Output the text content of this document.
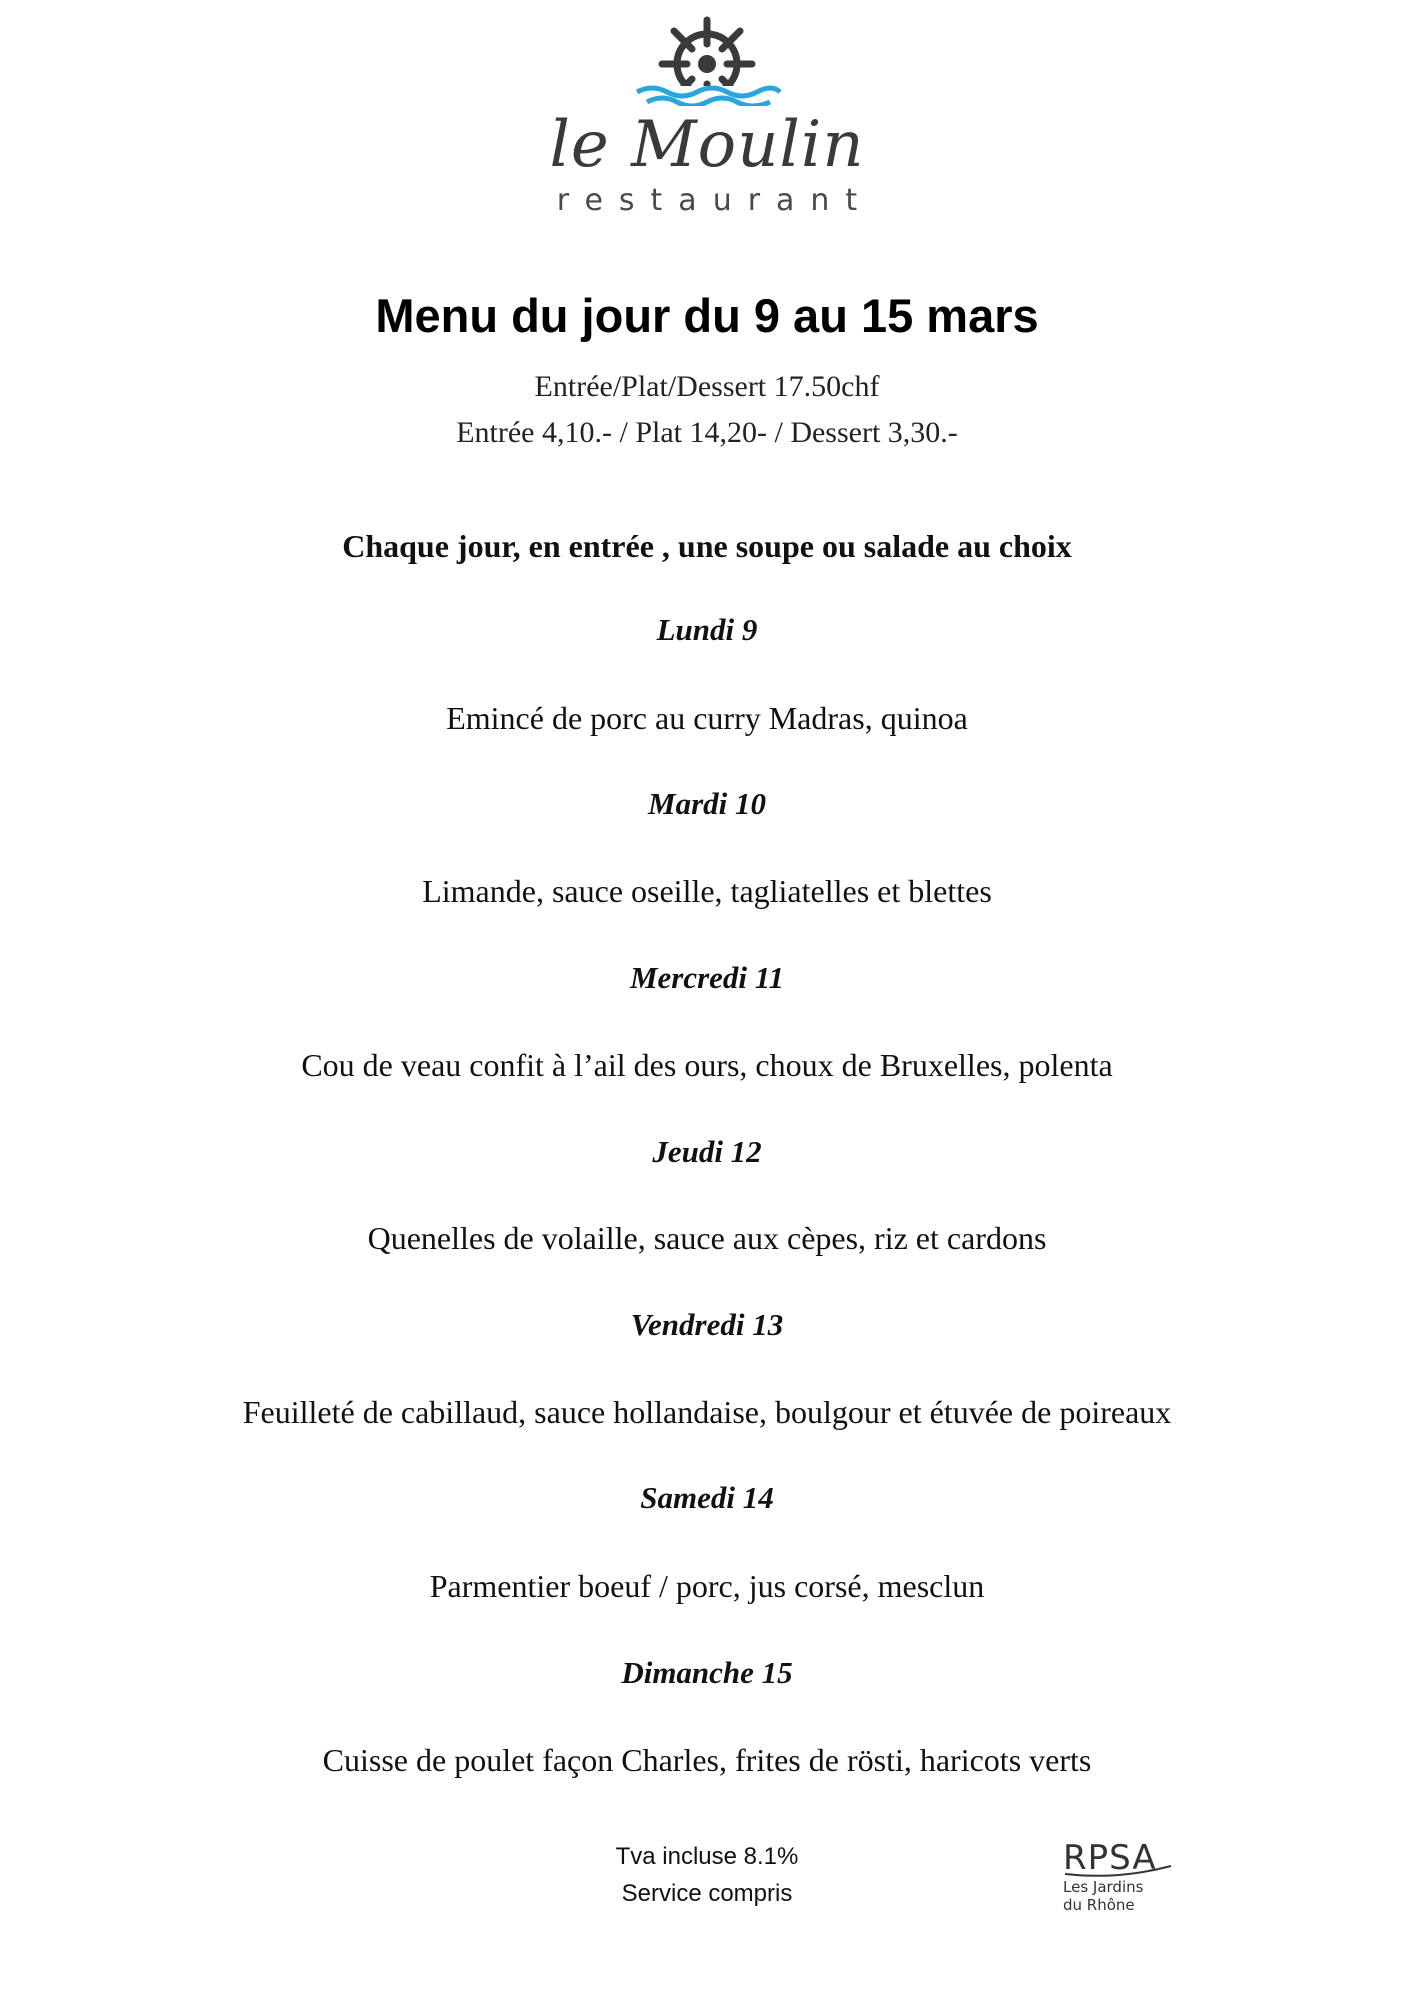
le Moulin
restaurant
Menu du jour du 9 au 15 mars
Entrée/Plat/Dessert 17.50chf
Entrée 4,10.- / Plat 14,20- / Dessert 3,30.-
Chaque jour, en entrée , une soupe ou salade au choix
Lundi 9
Emincé de porc au curry Madras, quinoa
Mardi 10
Limande, sauce oseille, tagliatelles et blettes
Mercredi 11
Cou de veau confit à l’ail des ours, choux de Bruxelles, polenta
Jeudi 12
Quenelles de volaille, sauce aux cèpes, riz et cardons
Vendredi 13
Feuilleté de cabillaud, sauce hollandaise, boulgour et étuvée de poireaux
Samedi 14
Parmentier boeuf / porc, jus corsé, mesclun
Dimanche 15
Cuisse de poulet façon Charles, frites de rösti, haricots verts
Tva incluse 8.1%
Service compris
RPSA
Les Jardins
du Rhône
